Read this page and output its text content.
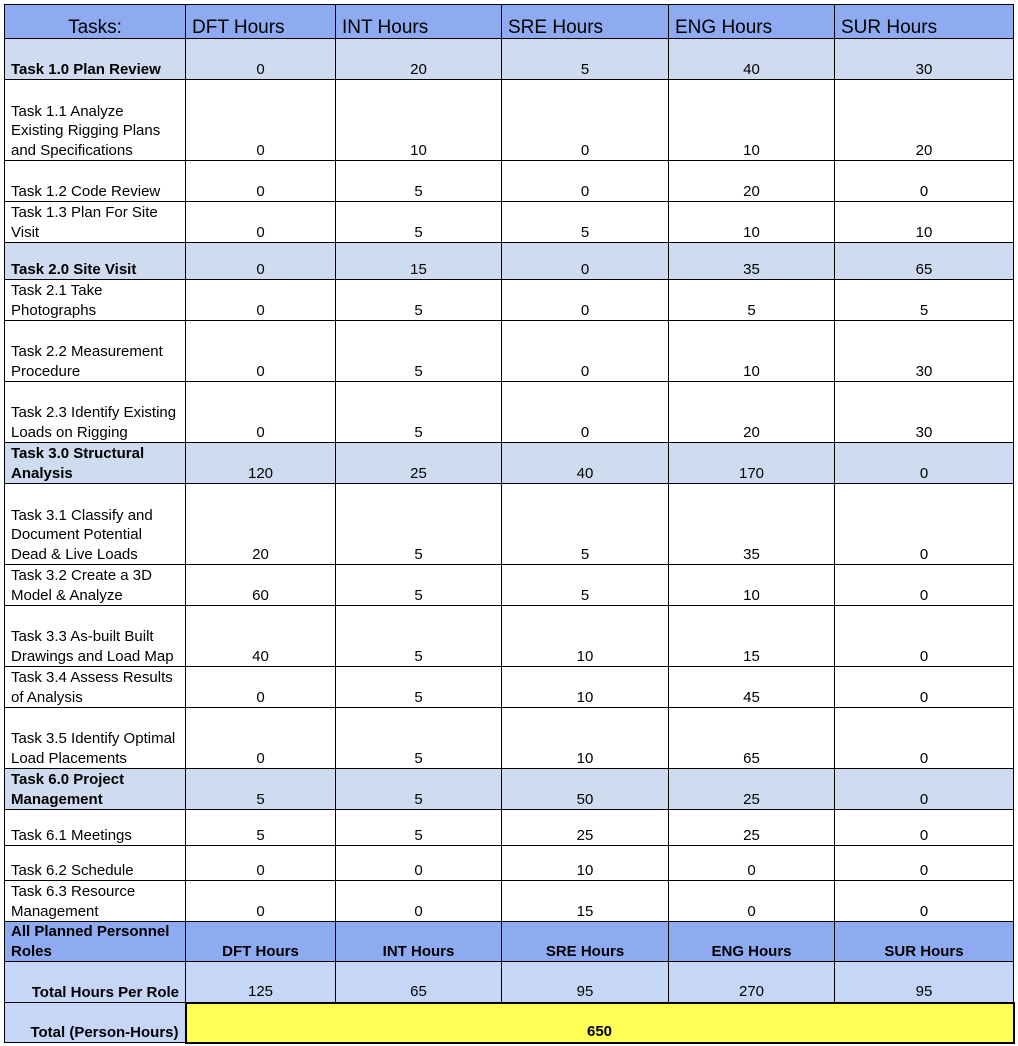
Tasks:	DFT Hours	INT Hours	SRE Hours	ENG Hours	SUR Hours
Task 1.0 Plan Review	0	20	5	40	30
Task 1.1 Analyze Existing Rigging Plans and Specifications	0	10	0	10	20
Task 1.2 Code Review	0	5	0	20	0
Task 1.3 Plan For Site Visit	0	5	5	10	10
Task 2.0 Site Visit	0	15	0	35	65
Task 2.1 Take Photographs	0	5	0	5	5
Task 2.2 Measurement Procedure	0	5	0	10	30
Task 2.3 Identify Existing Loads on Rigging	0	5	0	20	30
Task 3.0 Structural Analysis	120	25	40	170	0
Task 3.1 Classify and Document Potential Dead & Live Loads	20	5	5	35	0
Task 3.2 Create a 3D Model & Analyze	60	5	5	10	0
Task 3.3 As-built Built Drawings and Load Map	40	5	10	15	0
Task 3.4 Assess Results of Analysis	0	5	10	45	0
Task 3.5 Identify Optimal Load Placements	0	5	10	65	0
Task 6.0 Project Management	5	5	50	25	0
Task 6.1 Meetings	5	5	25	25	0
Task 6.2 Schedule	0	0	10	0	0
Task 6.3 Resource Management	0	0	15	0	0
All Planned Personnel Roles	DFT Hours	INT Hours	SRE Hours	ENG Hours	SUR Hours
Total Hours Per Role	125	65	95	270	95
Total (Person-Hours)	650				
